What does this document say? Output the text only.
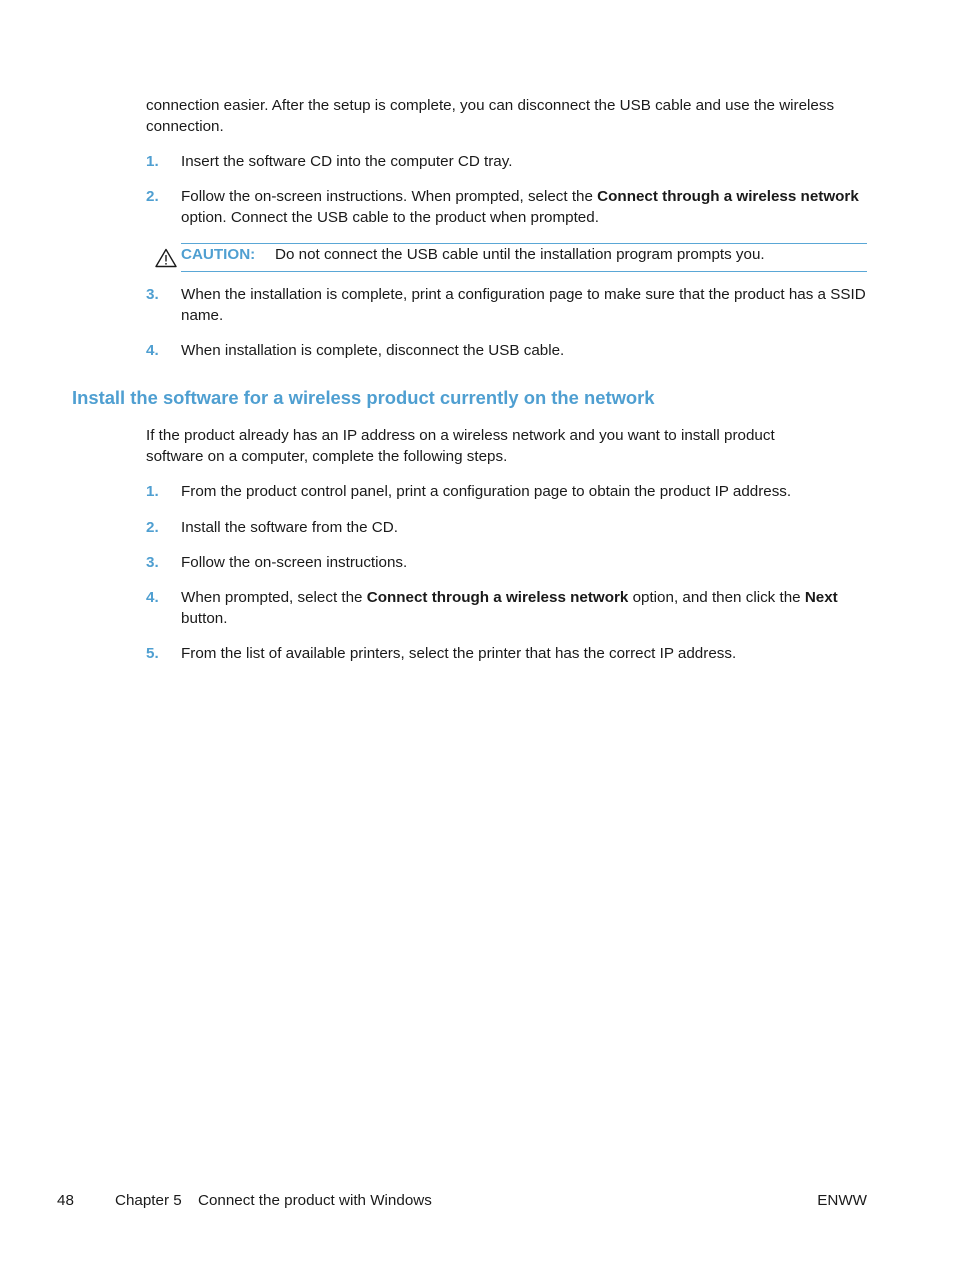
connection easier. After the setup is complete, you can disconnect the USB cable and use the wireless connection.

1. Insert the software CD into the computer CD tray.
2. Follow the on-screen instructions. When prompted, select the Connect through a wireless network option. Connect the USB cable to the product when prompted.
CAUTION: Do not connect the USB cable until the installation program prompts you.
3. When the installation is complete, print a configuration page to make sure that the product has a SSID name.
4. When installation is complete, disconnect the USB cable.
Install the software for a wireless product currently on the network

If the product already has an IP address on a wireless network and you want to install product software on a computer, complete the following steps.

1. From the product control panel, print a configuration page to obtain the product IP address.
2. Install the software from the CD.
3. Follow the on-screen instructions.
4. When prompted, select the Connect through a wireless network option, and then click the Next button.
5. From the list of available printers, select the printer that has the correct IP address.
48	Chapter 5 Connect the product with Windows	ENWW
